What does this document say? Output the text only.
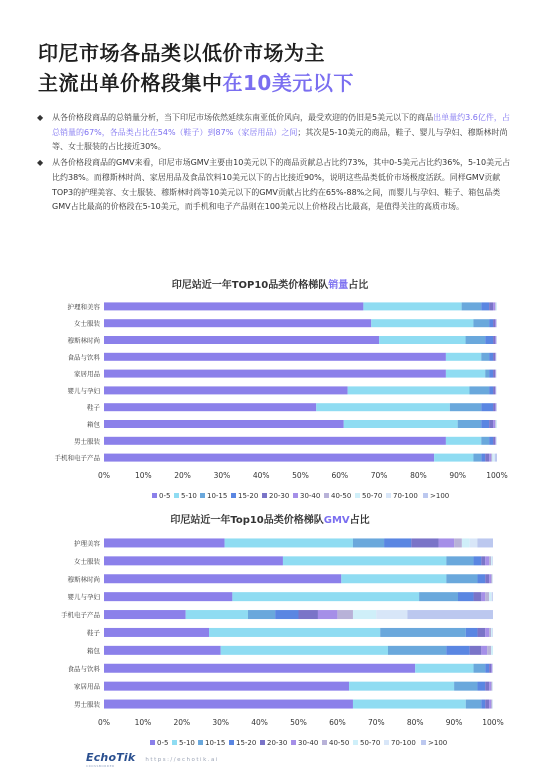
印尼市场各品类以低价市场为主
主流出单价格段集中在10美元以下
◆ 从各价格段商品的总销量分析，当下印尼市场依然延续东南亚低价风向，最受欢迎的仍旧是5美元以下的商品出单量约3.6亿件，占总销量的67%，各品类占比在54%（鞋子）到87%（家居用品）之间；其次是5-10美元的商品，鞋子、婴儿与孕妇、穆斯林时尚等、女士服装的占比接近30%。
◆ 从各价格段商品的GMV来看，印尼市场GMV主要由10美元以下的商品贡献总占比约73%，其中0-5美元占比约36%，5-10美元占比约38%。而穆斯林时尚、家居用品及食品饮料10美元以下的占比接近90%，说明这些品类低价市场极度活跃。同样GMV贡献TOP3的护理美容、女士服装、穆斯林时尚等10美元以下的GMV贡献占比约在65%-88%之间，而婴儿与孕妇、鞋子、箱包品类GMV占比最高的价格段在5-10美元，而手机和电子产品则在100美元以上价格段占比最高，是值得关注的高质市场。
印尼站近一年TOP10品类价格梯队销量占比
护理和美容
女士服装
穆斯林时尚
食品与饮料
家居用品
婴儿与孕妇
鞋子
箱包
男士服装
手机和电子产品
0%	10%	20%	30%	40%	50%	60%	70%	80%	90%	100%
0-5 5-10 10-15 15-20 20-30 30-40 40-50 50-70 70-100 >100
印尼站近一年Top10品类价格梯队GMV占比
护理美容
女士服装
穆斯林时尚
婴儿与孕妇
手机电子产品
鞋子
箱包
食品与饮料
家居用品
男士服装
0%	10%	20%	30%	40%	50%	60%	70%	80%	90%	100%
0-5 5-10 10-15 15-20 20-30 30-40 40-50 50-70 70-100 >100
EchoTik
CROSSBORDER
https://echotik.ai
